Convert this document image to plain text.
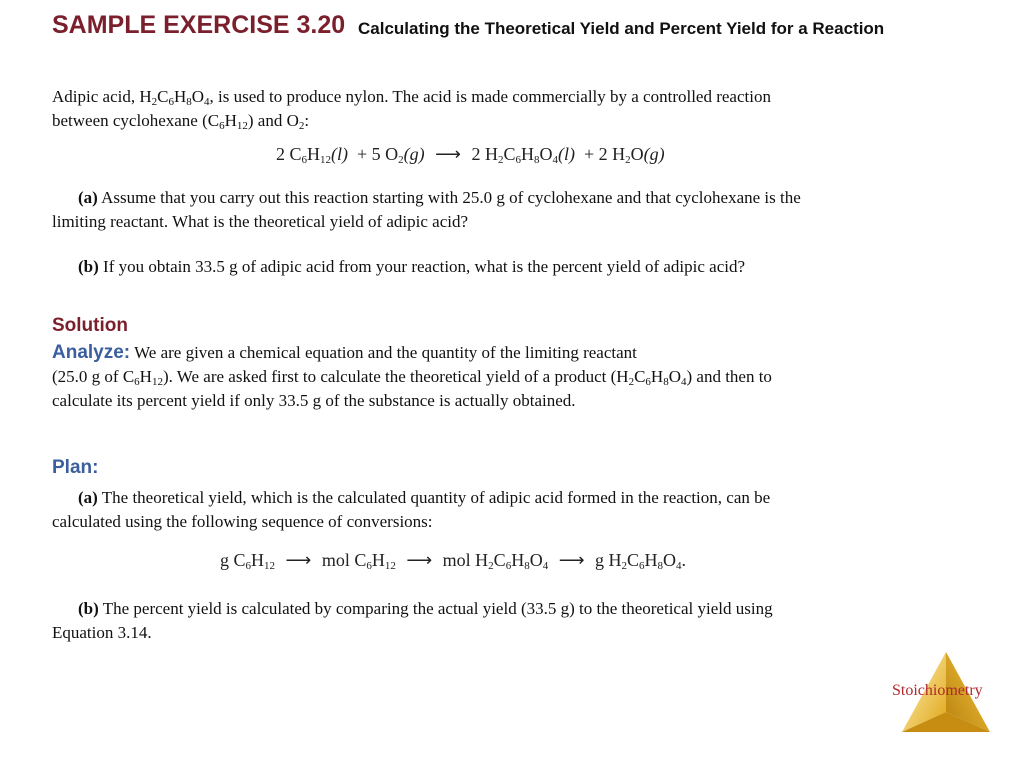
SAMPLE EXERCISE 3.20 Calculating the Theoretical Yield and Percent Yield for a Reaction
Adipic acid, $H_2C_6H_8O_4$, is used to produce nylon. The acid is made commercially by a controlled reaction
between cyclohexane $(C_6H_{12})$ and $O_2$:
2 $C_6H_{12}(l) + 5$ $O_2(g)$ ⟶ 2 $H_2C_6H_8O_4(l) + 2$ $H_2O(g)$
(a) Assume that you carry out this reaction starting with 25.0 g of cyclohexane and that cyclohexane is the
limiting reactant. What is the theoretical yield of adipic acid?
(b) If you obtain 33.5 g of adipic acid from your reaction, what is the percent yield of adipic acid?
Solution
Analyze: We are given a chemical equation and the quantity of the limiting reactant
(25.0 g of $C_6H_{12}$). We are asked first to calculate the theoretical yield of a product $(H_2C_6H_8O_4)$ and then to
calculate its percent yield if only 33.5 g of the substance is actually obtained.
Plan:
(a) The theoretical yield, which is the calculated quantity of adipic acid formed in the reaction, can be
calculated using the following sequence of conversions:
g $C_6H_{12}$ ⟶ mol $C_6H_{12}$ ⟶ mol $H_2C_6H_8O_4$ ⟶ g $H_2C_6H_8O_4$.
(b) The percent yield is calculated by comparing the actual yield (33.5 g) to the theoretical yield using
Equation 3.14.
Stoichiometry
